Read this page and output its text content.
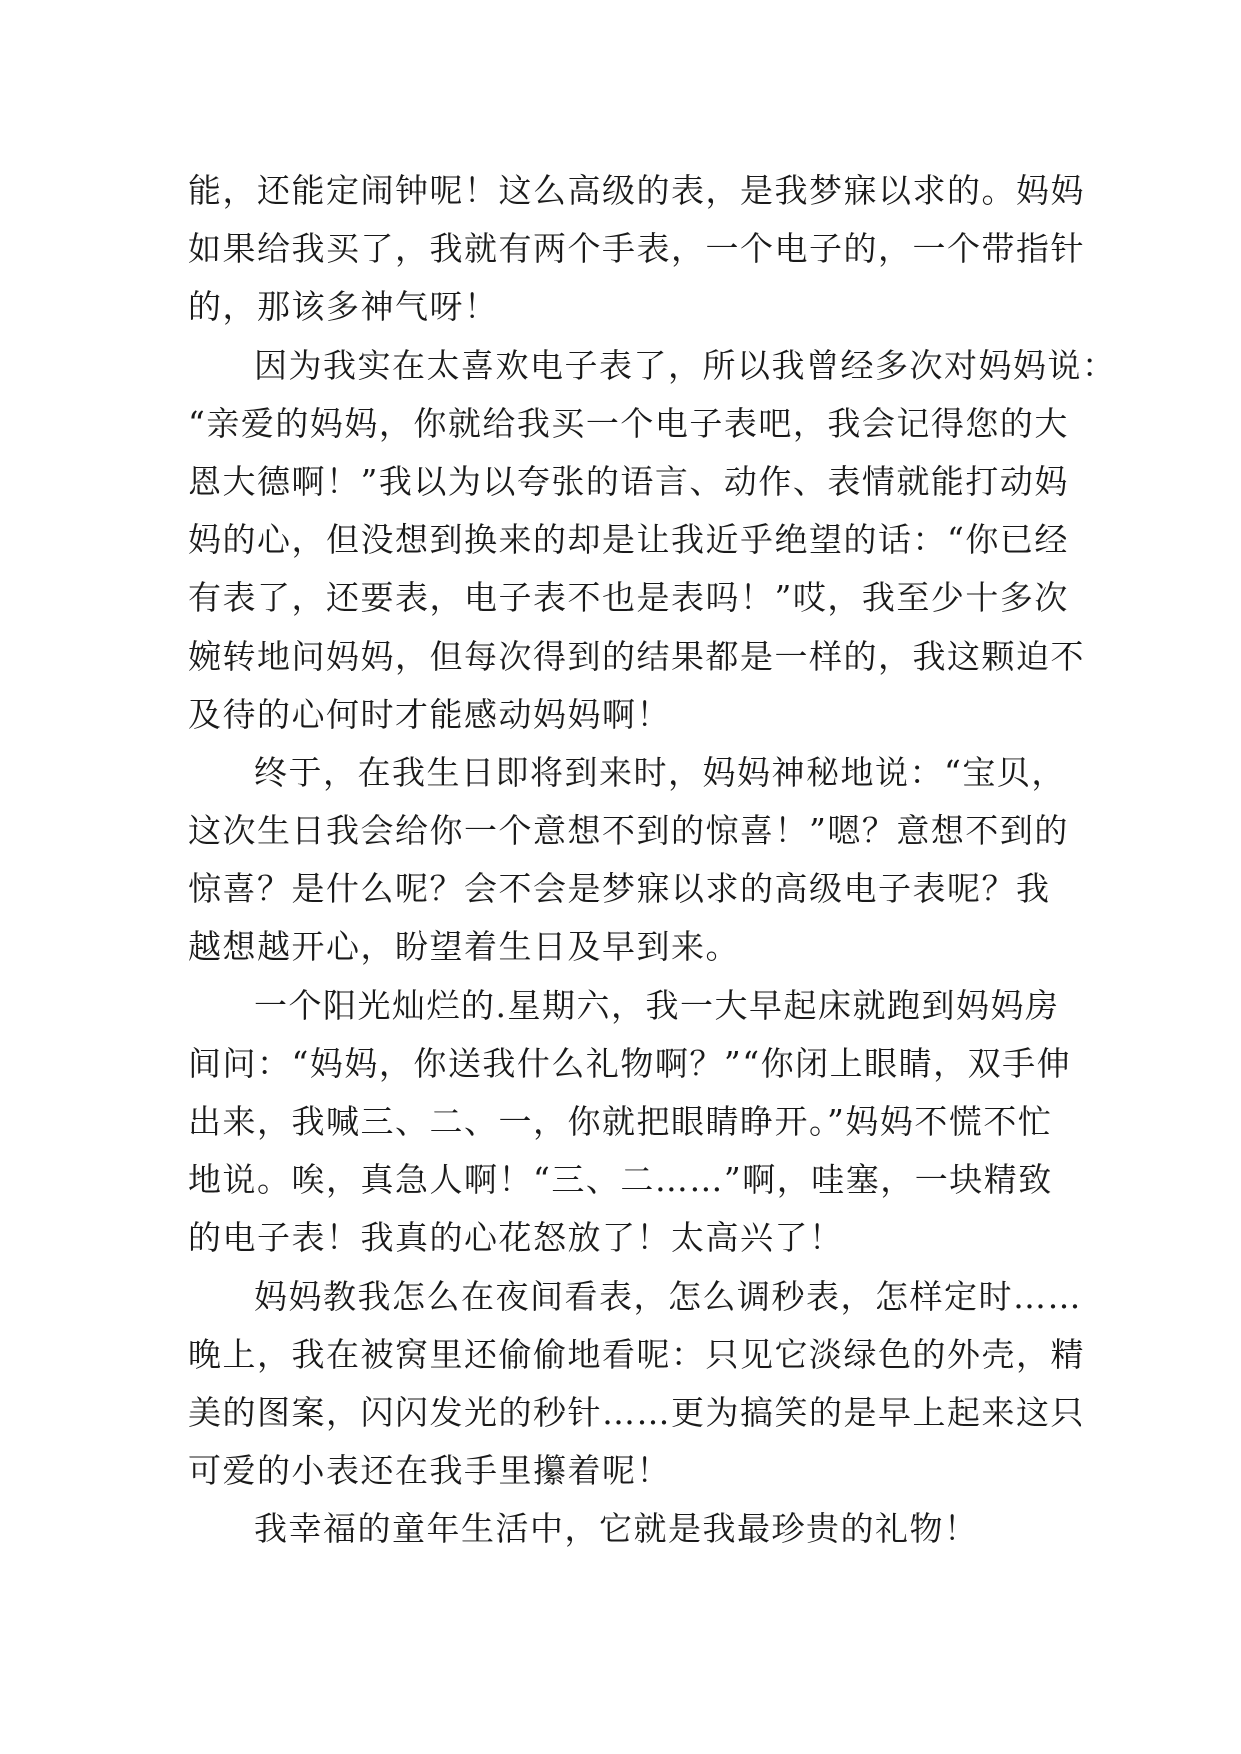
能，还能定闹钟呢！这么高级的表，是我梦寐以求的。妈妈
如果给我买了，我就有两个手表，一个电子的，一个带指针
的，那该多神气呀！
因为我实在太喜欢电子表了，所以我曾经多次对妈妈说：
“亲爱的妈妈，你就给我买一个电子表吧，我会记得您的大
恩大德啊！”我以为以夸张的语言、动作、表情就能打动妈
妈的心，但没想到换来的却是让我近乎绝望的话：“你已经
有表了，还要表，电子表不也是表吗！”哎，我至少十多次
婉转地问妈妈，但每次得到的结果都是一样的，我这颗迫不
及待的心何时才能感动妈妈啊！
终于，在我生日即将到来时，妈妈神秘地说：“宝贝，
这次生日我会给你一个意想不到的惊喜！”嗯？意想不到的
惊喜？是什么呢？会不会是梦寐以求的高级电子表呢？我
越想越开心，盼望着生日及早到来。
一个阳光灿烂的.星期六，我一大早起床就跑到妈妈房
间问：“妈妈，你送我什么礼物啊？”“你闭上眼睛，双手伸
出来，我喊三、二、一，你就把眼睛睁开。”妈妈不慌不忙
地说。唉，真急人啊！“三、二……”啊，哇塞，一块精致
的电子表！我真的心花怒放了！太高兴了！
妈妈教我怎么在夜间看表，怎么调秒表，怎样定时……
晚上，我在被窝里还偷偷地看呢：只见它淡绿色的外壳，精
美的图案，闪闪发光的秒针……更为搞笑的是早上起来这只
可爱的小表还在我手里攥着呢！
我幸福的童年生活中，它就是我最珍贵的礼物！
